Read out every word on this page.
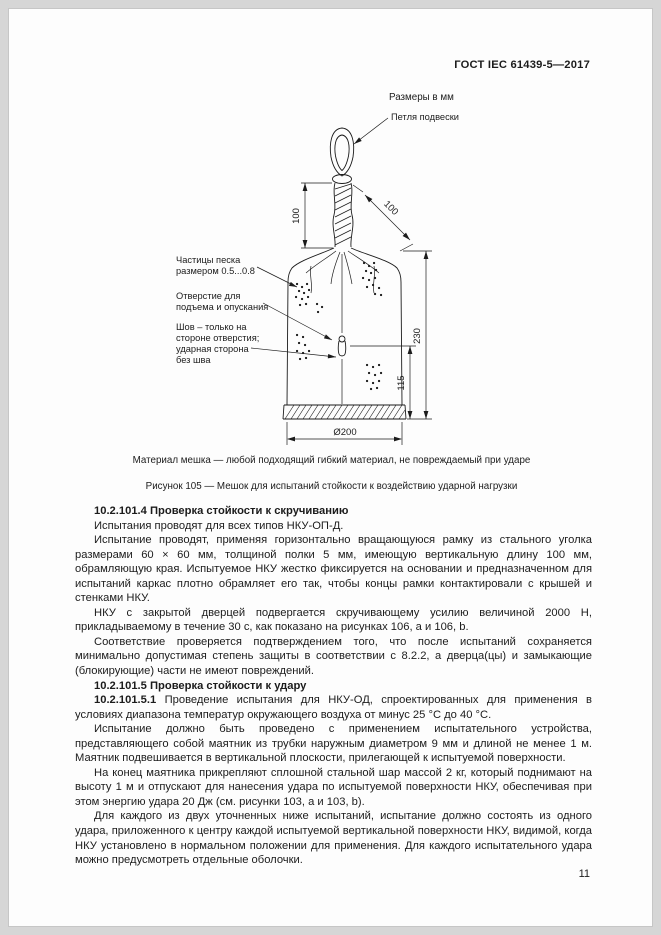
ГОСТ IEC 61439-5—2017
Размеры в мм
100	100
230
115
Ø200
Петля подвески
Частицы песка
размером 0.5...0.8
Отверстие для
подъема и опускания
Шов – только на
стороне отверстия;
ударная сторона
без шва
Материал мешка — любой подходящий гибкий материал, не повреждаемый при ударе
Рисунок 105 — Мешок для испытаний стойкости к воздействию ударной нагрузки

10.2.101.4 Проверка стойкости к скручиванию

Испытания проводят для всех типов НКУ-ОП-Д.

Испытание проводят, применяя горизонтально вращающуюся рамку из стального уголка размерами 60 × 60 мм, толщиной полки 5 мм, имеющую вертикальную длину 100 мм, обрамляющую края. Испытуемое НКУ жестко фиксируется на основании и предназначенном для испытаний каркас плотно обрамляет его так, чтобы концы рамки контактировали с крышей и стенками НКУ.

НКУ с закрытой дверцей подвергается скручивающему усилию величиной 2000 Н, прикладываемому в течение 30 с, как показано на рисунках 106, а и 106, b.

Соответствие проверяется подтверждением того, что после испытаний сохраняется минимально допустимая степень защиты в соответствии с 8.2.2, а дверца(цы) и замыкающие (блокирующие) части не имеют повреждений.

10.2.101.5 Проверка стойкости к удару

10.2.101.5.1 Проведение испытания для НКУ-ОД, спроектированных для применения в условиях диапазона температур окружающего воздуха от минус 25 °С до 40 °С.

Испытание должно быть проведено с применением испытательного устройства, представляющего собой маятник из трубки наружным диаметром 9 мм и длиной не менее 1 м. Маятник подвешивается в вертикальной плоскости, прилегающей к испытуемой поверхности.

На конец маятника прикрепляют сплошной стальной шар массой 2 кг, который поднимают на высоту 1 м и отпускают для нанесения удара по испытуемой поверхности НКУ, обеспечивая при этом энергию удара 20 Дж (см. рисунки 103, а и 103, b).

Для каждого из двух уточненных ниже испытаний, испытание должно состоять из одного удара, приложенного к центру каждой испытуемой вертикальной поверхности НКУ, видимой, когда НКУ установлено в нормальном положении для применения. Для каждого испытательного удара можно предусмотреть отдельные оболочки.

11
